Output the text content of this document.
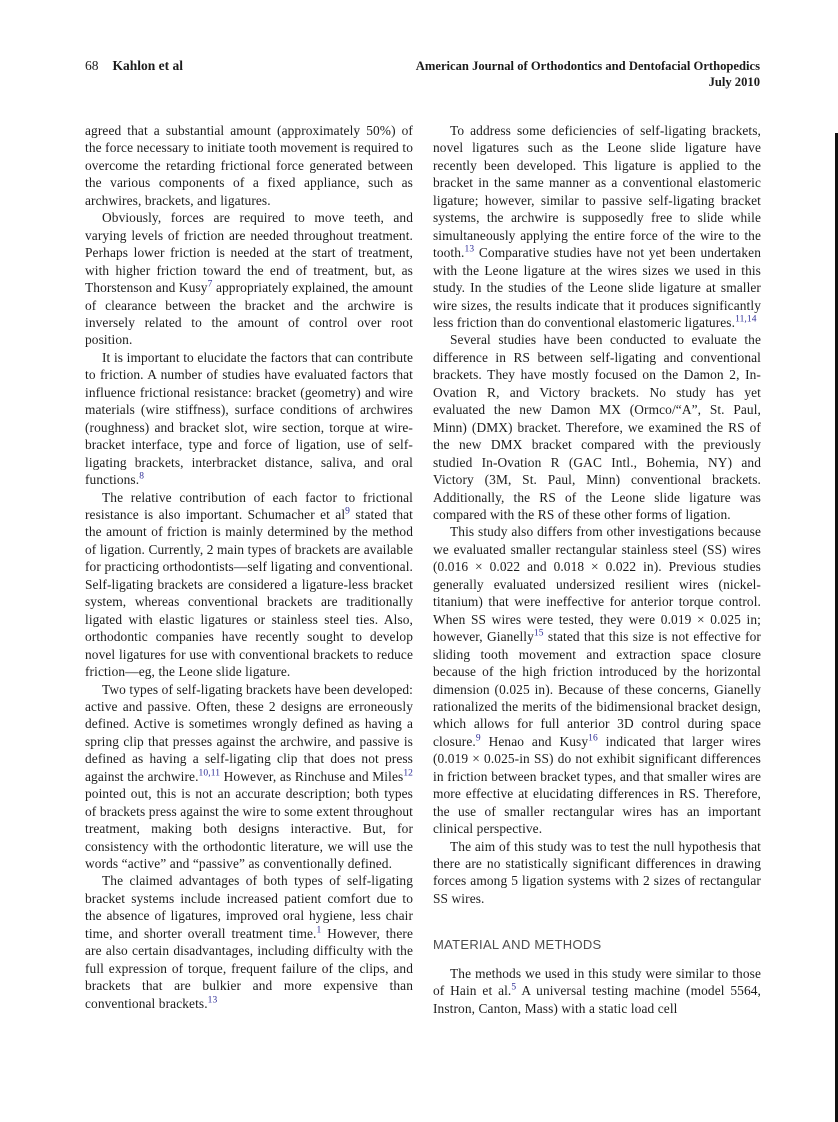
68 Kahlon et al	American Journal of Orthodontics and Dentofacial Orthopedics
July 2010

agreed that a substantial amount (approximately 50%) of the force necessary to initiate tooth movement is required to overcome the retarding frictional force generated between the various components of a fixed appliance, such as archwires, brackets, and ligatures.

Obviously, forces are required to move teeth, and varying levels of friction are needed throughout treatment. Perhaps lower friction is needed at the start of treatment, with higher friction toward the end of treatment, but, as Thorstenson and Kusy$^7$ appropriately explained, the amount of clearance between the bracket and the archwire is inversely related to the amount of control over root position.

It is important to elucidate the factors that can contribute to friction. A number of studies have evaluated factors that influence frictional resistance: bracket (geometry) and wire materials (wire stiffness), surface conditions of archwires (roughness) and bracket slot, wire section, torque at wire-bracket interface, type and force of ligation, use of self-ligating brackets, interbracket distance, saliva, and oral functions.$^8$

The relative contribution of each factor to frictional resistance is also important. Schumacher et al$^9$ stated that the amount of friction is mainly determined by the method of ligation. Currently, 2 main types of brackets are available for practicing orthodontists—self ligating and conventional. Self-ligating brackets are considered a ligature-less bracket system, whereas conventional brackets are traditionally ligated with elastic ligatures or stainless steel ties. Also, orthodontic companies have recently sought to develop novel ligatures for use with conventional brackets to reduce friction—eg, the Leone slide ligature.

Two types of self-ligating brackets have been developed: active and passive. Often, these 2 designs are erroneously defined. Active is sometimes wrongly defined as having a spring clip that presses against the archwire, and passive is defined as having a self-ligating clip that does not press against the archwire.$^{10,11}$ However, as Rinchuse and Miles$^{12}$ pointed out, this is not an accurate description; both types of brackets press against the wire to some extent throughout treatment, making both designs interactive. But, for consistency with the orthodontic literature, we will use the words “active” and “passive” as conventionally defined.

The claimed advantages of both types of self-ligating bracket systems include increased patient comfort due to the absence of ligatures, improved oral hygiene, less chair time, and shorter overall treatment time.$^1$ However, there are also certain disadvantages, including difficulty with the full expression of torque, frequent failure of the clips, and brackets that are bulkier and more expensive than conventional brackets.$^{13}$

To address some deficiencies of self-ligating brackets, novel ligatures such as the Leone slide ligature have recently been developed. This ligature is applied to the bracket in the same manner as a conventional elastomeric ligature; however, similar to passive self-ligating bracket systems, the archwire is supposedly free to slide while simultaneously applying the entire force of the wire to the tooth.$^{13}$ Comparative studies have not yet been undertaken with the Leone ligature at the wires sizes we used in this study. In the studies of the Leone slide ligature at smaller wire sizes, the results indicate that it produces significantly less friction than do conventional elastomeric ligatures.$^{11,14}$

Several studies have been conducted to evaluate the difference in RS between self-ligating and conventional brackets. They have mostly focused on the Damon 2, In-Ovation R, and Victory brackets. No study has yet evaluated the new Damon MX (Ormco/“A”, St. Paul, Minn) (DMX) bracket. Therefore, we examined the RS of the new DMX bracket compared with the previously studied In-Ovation R (GAC Intl., Bohemia, NY) and Victory (3M, St. Paul, Minn) conventional brackets. Additionally, the RS of the Leone slide ligature was compared with the RS of these other forms of ligation.

This study also differs from other investigations because we evaluated smaller rectangular stainless steel (SS) wires (0.016 × 0.022 and 0.018 × 0.022 in). Previous studies generally evaluated undersized resilient wires (nickel-titanium) that were ineffective for anterior torque control. When SS wires were tested, they were 0.019 × 0.025 in; however, Gianelly$^{15}$ stated that this size is not effective for sliding tooth movement and extraction space closure because of the high friction introduced by the horizontal dimension (0.025 in). Because of these concerns, Gianelly rationalized the merits of the bidimensional bracket design, which allows for full anterior 3D control during space closure.$^9$ Henao and Kusy$^{16}$ indicated that larger wires (0.019 × 0.025-in SS) do not exhibit significant differences in friction between bracket types, and that smaller wires are more effective at elucidating differences in RS. Therefore, the use of smaller rectangular wires has an important clinical perspective.

The aim of this study was to test the null hypothesis that there are no statistically significant differences in drawing forces among 5 ligation systems with 2 sizes of rectangular SS wires.

MATERIAL AND METHODS

The methods we used in this study were similar to those of Hain et al.$^5$ A universal testing machine (model 5564, Instron, Canton, Mass) with a static load cell
